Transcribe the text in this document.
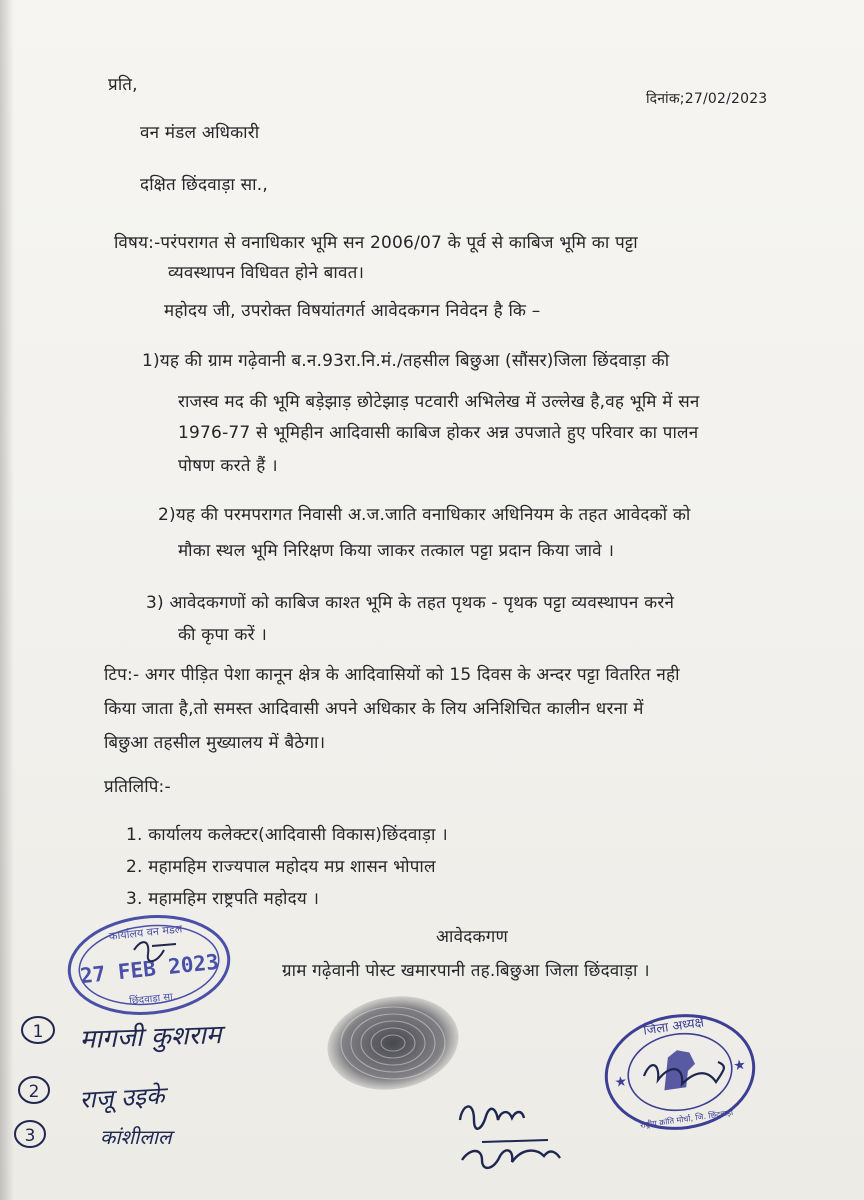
प्रति,
दिनांक;27/02/2023
वन मंडल अधिकारी
दक्षित छिंदवाड़ा सा.,
विषय:-परंपरागत से वनाधिकार भूमि सन 2006/07 के पूर्व से काबिज भूमि का पट्टा
व्यवस्थापन विधिवत होने बावत।
महोदय जी, उपरोक्त विषयांतगर्त आवेदकगन निवेदन है कि –
1)यह की ग्राम गढ़ेवानी ब.न.93रा.नि.मं./तहसील बिछुआ (सौंसर)जिला छिंदवाड़ा की
राजस्व मद की भूमि बड़ेझाड़ छोटेझाड़ पटवारी अभिलेख में उल्लेख है,वह भूमि में सन
1976-77 से भूमिहीन आदिवासी काबिज होकर अन्न उपजाते हुए परिवार का पालन
पोषण करते हैं ।
2)यह की परमपरागत निवासी अ.ज.जाति वनाधिकार अधिनियम के तहत आवेदकों को
मौका स्थल भूमि निरिक्षण किया जाकर तत्काल पट्टा प्रदान किया जावे ।
3) आवेदकगणों को काबिज काश्त भूमि के तहत पृथक - पृथक पट्टा व्यवस्थापन करने
की कृपा करें ।
टिप:- अगर पीड़ित पेशा कानून क्षेत्र के आदिवासियों को 15 दिवस के अन्दर पट्टा वितरित नही
किया जाता है,तो समस्त आदिवासी अपने अधिकार के लिय अनिशिचित कालीन धरना में
बिछुआ तहसील मुख्यालय में बैठेगा।
प्रतिलिपि:-
1. कार्यालय कलेक्टर(आदिवासी विकास)छिंदवाड़ा ।
2. महामहिम राज्यपाल महोदय मप्र शासन भोपाल
3. महामहिम राष्ट्रपति महोदय ।
आवेदकगण
ग्राम गढ़ेवानी पोस्ट खमारपानी तह.बिछुआ जिला छिंदवाड़ा ।
कार्यालय वन मंडल
27 FEB 2023
छिंदवाड़ा सा.
जिला अध्यक्ष
राष्ट्रीय क्रांति मोर्चा, जि. छिंदवाड़ा
★
★
1 मागजी कुशराम
2 राजू उइके
3	कांशीलाल
